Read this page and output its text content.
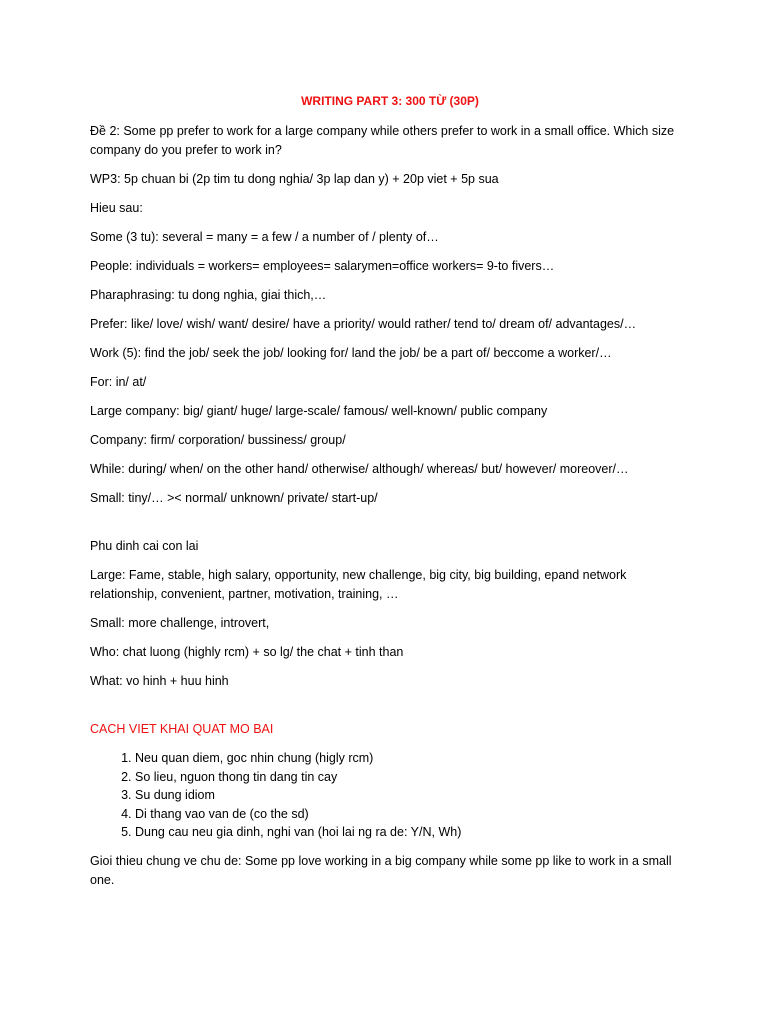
WRITING PART 3: 300 TỪ (30P)

Đề 2: Some pp prefer to work for a large company while others prefer to work in a small office. Which size company do you prefer to work in?

WP3: 5p chuan bi (2p tim tu dong nghia/ 3p lap dan y) + 20p viet + 5p sua

Hieu sau:

Some (3 tu): several = many = a few / a number of / plenty of…

People: individuals = workers= employees= salarymen=office workers= 9-to fivers…

Pharaphrasing: tu dong nghia, giai thich,…

Prefer: like/ love/ wish/ want/ desire/ have a priority/ would rather/ tend to/ dream of/ advantages/…

Work (5): find the job/ seek the job/ looking for/ land the job/ be a part of/ beccome a worker/…

For: in/ at/

Large company: big/ giant/ huge/ large-scale/ famous/ well-known/ public company

Company: firm/ corporation/ bussiness/ group/

While: during/ when/ on the other hand/ otherwise/ although/ whereas/ but/ however/ moreover/…

Small: tiny/… >< normal/ unknown/ private/ start-up/

Phu dinh cai con lai

Large: Fame, stable, high salary, opportunity, new challenge, big city, big building, epand network relationship, convenient, partner, motivation, training, …

Small: more challenge, introvert,

Who: chat luong (highly rcm) + so lg/ the chat + tinh than

What: vo hinh + huu hinh

CACH VIET KHAI QUAT MO BAI

1. Neu quan diem, goc nhin chung (higly rcm)
2. So lieu, nguon thong tin dang tin cay
3. Su dung idiom
4. Di thang vao van de (co the sd)
5. Dung cau neu gia dinh, nghi van (hoi lai ng ra de: Y/N, Wh)

Gioi thieu chung ve chu de: Some pp love working in a big company while some pp like to work in a small one.
